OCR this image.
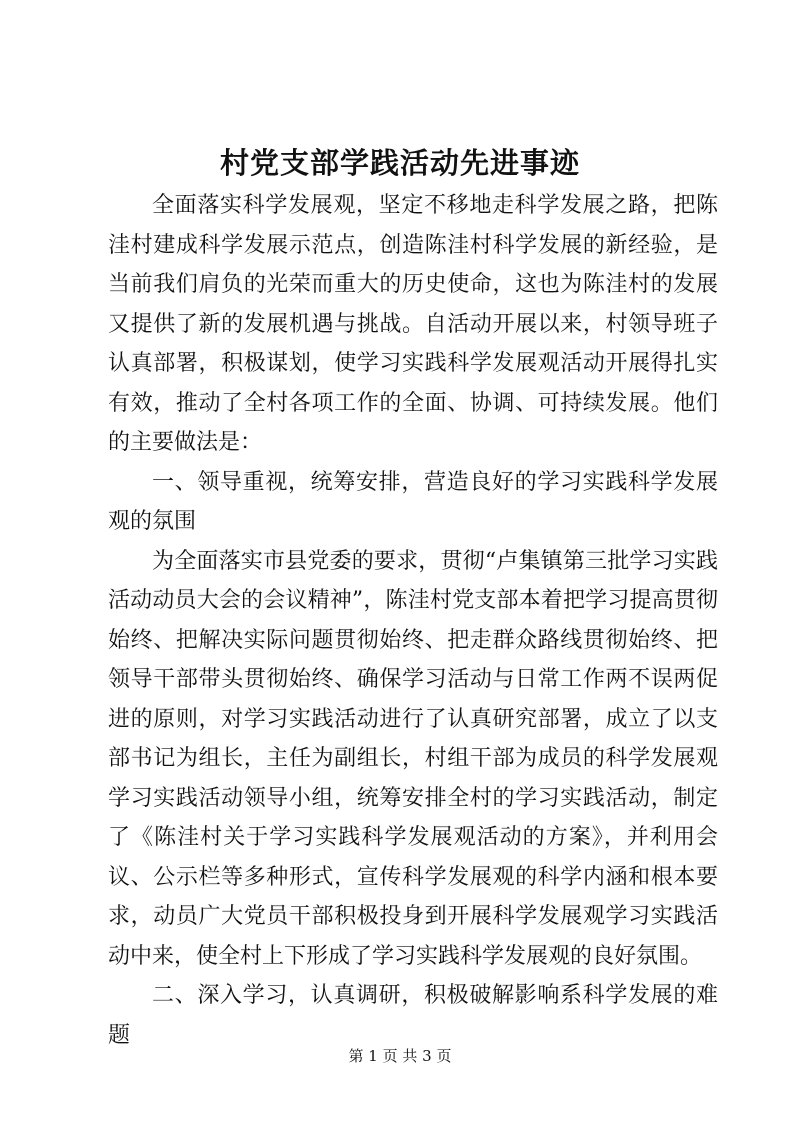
村党支部学践活动先进事迹

全面落实科学发展观，坚定不移地走科学发展之路，把陈洼村建成科学发展示范点，创造陈洼村科学发展的新经验，是当前我们肩负的光荣而重大的历史使命，这也为陈洼村的发展又提供了新的发展机遇与挑战。自活动开展以来，村领导班子认真部署，积极谋划，使学习实践科学发展观活动开展得扎实有效，推动了全村各项工作的全面、协调、可持续发展。他们的主要做法是：

一、领导重视，统筹安排，营造良好的学习实践科学发展观的氛围

为全面落实市县党委的要求，贯彻“卢集镇第三批学习实践活动动员大会的会议精神”，陈洼村党支部本着把学习提高贯彻始终、把解决实际问题贯彻始终、把走群众路线贯彻始终、把领导干部带头贯彻始终、确保学习活动与日常工作两不误两促进的原则，对学习实践活动进行了认真研究部署，成立了以支部书记为组长，主任为副组长，村组干部为成员的科学发展观学习实践活动领导小组，统筹安排全村的学习实践活动，制定了《陈洼村关于学习实践科学发展观活动的方案》，并利用会议、公示栏等多种形式，宣传科学发展观的科学内涵和根本要求，动员广大党员干部积极投身到开展科学发展观学习实践活动中来，使全村上下形成了学习实践科学发展观的良好氛围。

二、深入学习，认真调研，积极破解影响系科学发展的难题

第 1 页 共 3 页
